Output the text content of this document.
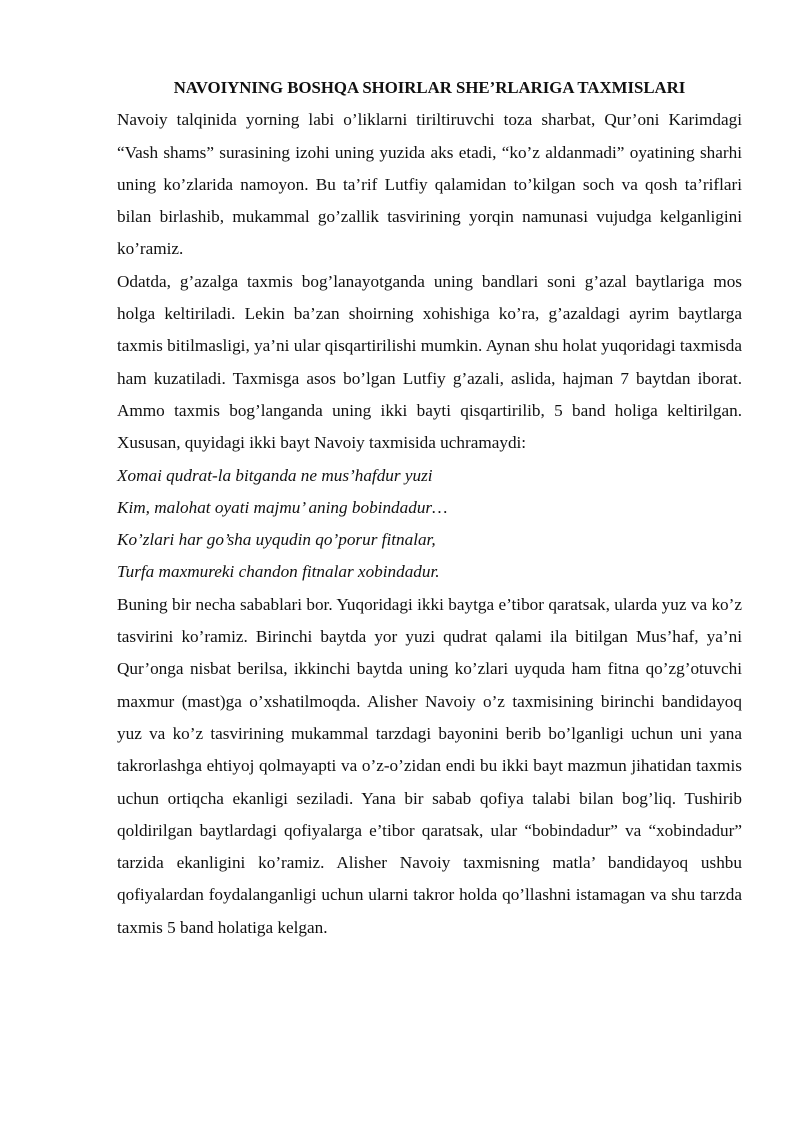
NAVOIYNING BOSHQA SHOIRLAR SHE’RLARIGA TAXMISLARI

Navoiy talqinida yorning labi o’liklarni tiriltiruvchi toza sharbat, Qur’oni Karimdagi “Vash shams” surasining izohi uning yuzida aks etadi, “ko’z aldanmadi” oyatining sharhi uning ko’zlarida namoyon. Bu ta’rif Lutfiy qalamidan to’kilgan soch va qosh ta’riflari bilan birlashib, mukammal go’zallik tasvirining yorqin namunasi vujudga kelganligini ko’ramiz.

Odatda, g’azalga taxmis bog’lanayotganda uning bandlari soni g’azal baytlariga mos holga keltiriladi. Lekin ba’zan shoirning xohishiga ko’ra, g’azaldagi ayrim baytlarga taxmis bitilmasligi, ya’ni ular qisqartirilishi mumkin. Aynan shu holat yuqoridagi taxmisda ham kuzatiladi. Taxmisga asos bo’lgan Lutfiy g’azali, aslida, hajman 7 baytdan iborat. Ammo taxmis bog’langanda uning ikki bayti qisqartirilib, 5 band holiga keltirilgan. Xususan, quyidagi ikki bayt Navoiy taxmisida uchramaydi:

Xomai qudrat-la bitganda ne mus’hafdur yuzi

Kim, malohat oyati majmu’ aning bobindadur…

Ko’zlari har go’sha uyqudin qo’porur fitnalar,

Turfa maxmureki chandon fitnalar xobindadur.

Buning bir necha sabablari bor. Yuqoridagi ikki baytga e’tibor qaratsak, ularda yuz va ko’z tasvirini ko’ramiz. Birinchi baytda yor yuzi qudrat qalami ila bitilgan Mus’haf, ya’ni Qur’onga nisbat berilsa, ikkinchi baytda uning ko’zlari uyquda ham fitna qo’zg’otuvchi maxmur (mast)ga o’xshatilmoqda. Alisher Navoiy o’z taxmisining birinchi bandidayoq yuz va ko’z tasvirining mukammal tarzdagi bayonini berib bo’lganligi uchun uni yana takrorlashga ehtiyoj qolmayapti va o’z-o’zidan endi bu ikki bayt mazmun jihatidan taxmis uchun ortiqcha ekanligi seziladi. Yana bir sabab qofiya talabi bilan bog’liq. Tushirib qoldirilgan baytlardagi qofiyalarga e’tibor qaratsak, ular “bobindadur” va “xobindadur” tarzida ekanligini ko’ramiz. Alisher Navoiy taxmisning matla’ bandidayoq ushbu qofiyalardan foydalanganligi uchun ularni takror holda qo’llashni istamagan va shu tarzda taxmis 5 band holatiga kelgan.
